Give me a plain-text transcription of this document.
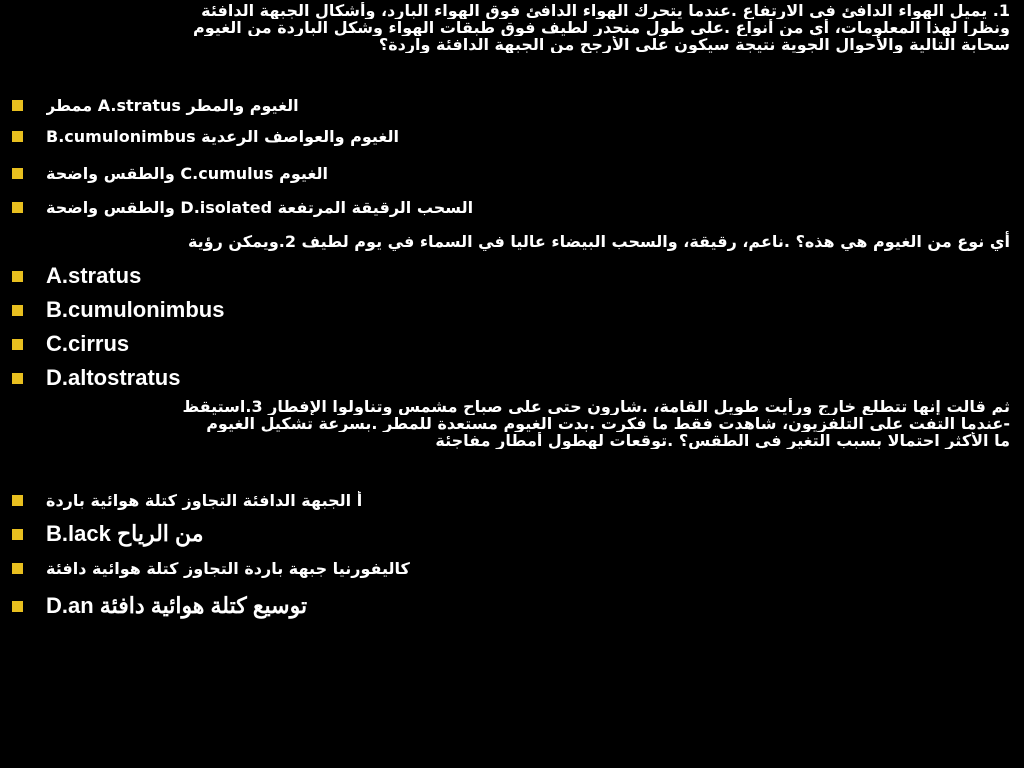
1. يميل الهواء الدافئ في الارتفاع .عندما يتحرك الهواء الدافئ فوق الهواء البارد، وأشكال الجبهة الدافئة
ونظرا لهذا المعلومات، أي من أنواع .على طول منحدر لطيف فوق طبقات الهواء وشكل الباردة من الغيوم
سحابة التالية والأحوال الجوية نتيجة سيكون على الأرجح من الجبهة الدافئة واردة؟
الغيوم والمطر A.stratus ممطر
B.cumulonimbus الغيوم والعواصف الرعدية
الغيوم C.cumulus والطقس واضحة
السحب الرقيقة المرتفعة D.isolated والطقس واضحة
أي نوع من الغيوم هي هذه؟ .ناعم، رقيقة، والسحب البيضاء عاليا في السماء في يوم لطيف 2.ويمكن رؤية
A.stratus
B.cumulonimbus
C.cirrus
D.altostratus
ثم قالت إنها تتطلع خارج ورأيت طويل القامة، .شارون حتى على صباح مشمس وتناولوا الإفطار 3.استيقظ
-عندما التفت على التلفزيون، شاهدت فقط ما فكرت .بدت الغيوم مستعدة للمطر .بسرعة تشكيل الغيوم
ما الأكثر احتمالا بسبب التغير في الطقس؟ .توقعات لهطول أمطار مفاجئة
أ الجبهة الدافئة التجاوز كتلة هوائية باردة
B.lack من الرياح
كاليفورنيا جبهة باردة التجاوز كتلة هوائية دافئة
D.an توسيع كتلة هوائية دافئة
